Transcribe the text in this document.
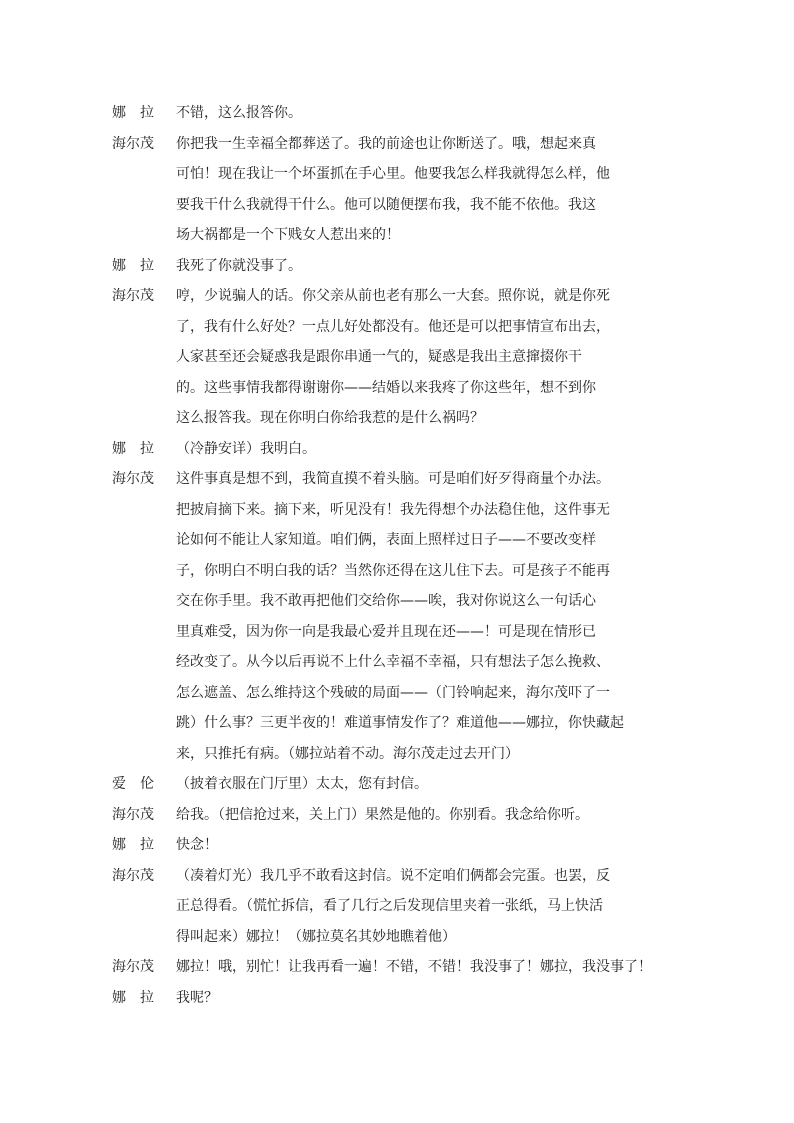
娜　拉	不错，这么报答你。
海尔茂	你把我一生幸福全都葬送了。我的前途也让你断送了。哦，想起来真
可怕！现在我让一个坏蛋抓在手心里。他要我怎么样我就得怎么样，他
要我干什么我就得干什么。他可以随便摆布我，我不能不依他。我这
场大祸都是一个下贱女人惹出来的！
娜　拉	我死了你就没事了。
海尔茂	哼，少说骗人的话。你父亲从前也老有那么一大套。照你说，就是你死
了，我有什么好处？一点儿好处都没有。他还是可以把事情宣布出去，
人家甚至还会疑惑我是跟你串通一气的，疑惑是我出主意撺掇你干
的。这些事情我都得谢谢你——结婚以来我疼了你这些年，想不到你
这么报答我。现在你明白你给我惹的是什么祸吗？
娜　拉	（冷静安详）我明白。
海尔茂	这件事真是想不到，我简直摸不着头脑。可是咱们好歹得商量个办法。
把披肩摘下来。摘下来，听见没有！我先得想个办法稳住他，这件事无
论如何不能让人家知道。咱们俩，表面上照样过日子——不要改变样
子，你明白不明白我的话？当然你还得在这儿住下去。可是孩子不能再
交在你手里。我不敢再把他们交给你——唉，我对你说这么一句话心
里真难受，因为你一向是我最心爱并且现在还——！可是现在情形已
经改变了。从今以后再说不上什么幸福不幸福，只有想法子怎么挽救、
怎么遮盖、怎么维持这个残破的局面——（门铃响起来，海尔茂吓了一
跳）什么事？三更半夜的！难道事情发作了？难道他——娜拉，你快藏起
来，只推托有病。（娜拉站着不动。海尔茂走过去开门）
爱　伦	（披着衣服在门厅里）太太，您有封信。
海尔茂	给我。（把信抢过来，关上门）果然是他的。你别看。我念给你听。
娜　拉	快念！
海尔茂	（凑着灯光）我几乎不敢看这封信。说不定咱们俩都会完蛋。也罢，反
正总得看。（慌忙拆信，看了几行之后发现信里夹着一张纸，马上快活
得叫起来）娜拉！（娜拉莫名其妙地瞧着他）
海尔茂	娜拉！哦，别忙！让我再看一遍！不错，不错！我没事了！娜拉，我没事了！
娜　拉	我呢？
